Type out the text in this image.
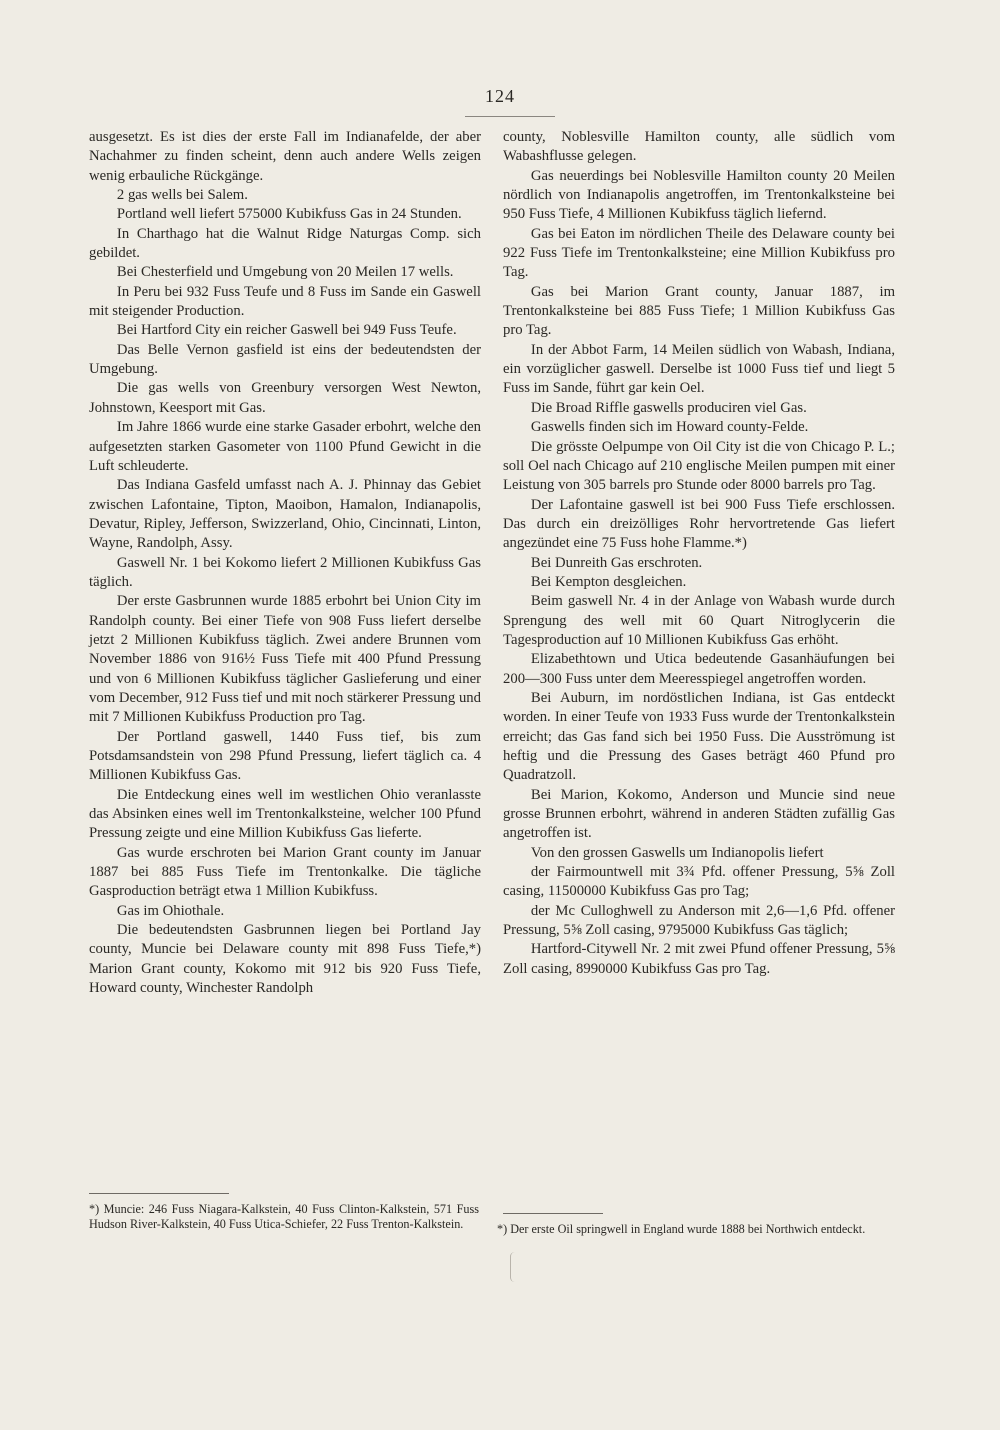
124

ausgesetzt. Es ist dies der erste Fall im Indianafelde, der aber Nachahmer zu finden scheint, denn auch andere Wells zeigen wenig erbauliche Rückgänge.

2 gas wells bei Salem.

Portland well liefert 575000 Kubikfuss Gas in 24 Stunden.

In Charthago hat die Walnut Ridge Naturgas Comp. sich gebildet.

Bei Chesterfield und Umgebung von 20 Meilen 17 wells.

In Peru bei 932 Fuss Teufe und 8 Fuss im Sande ein Gaswell mit steigender Production.

Bei Hartford City ein reicher Gaswell bei 949 Fuss Teufe.

Das Belle Vernon gasfield ist eins der bedeutendsten der Umgebung.

Die gas wells von Greenbury versorgen West Newton, Johnstown, Keesport mit Gas.

Im Jahre 1866 wurde eine starke Gasader erbohrt, welche den aufgesetzten starken Gasometer von 1100 Pfund Gewicht in die Luft schleuderte.

Das Indiana Gasfeld umfasst nach A. J. Phinnay das Gebiet zwischen Lafontaine, Tipton, Maoibon, Hamalon, Indianapolis, Devatur, Ripley, Jefferson, Swizzerland, Ohio, Cincinnati, Linton, Wayne, Randolph, Assy.

Gaswell Nr. 1 bei Kokomo liefert 2 Millionen Kubikfuss Gas täglich.

Der erste Gasbrunnen wurde 1885 erbohrt bei Union City im Randolph county. Bei einer Tiefe von 908 Fuss liefert derselbe jetzt 2 Millionen Kubikfuss täglich. Zwei andere Brunnen vom November 1886 von 916½ Fuss Tiefe mit 400 Pfund Pressung und von 6 Millionen Kubikfuss täglicher Gaslieferung und einer vom December, 912 Fuss tief und mit noch stärkerer Pressung und mit 7 Millionen Kubikfuss Production pro Tag.

Der Portland gaswell, 1440 Fuss tief, bis zum Potsdamsandstein von 298 Pfund Pressung, liefert täglich ca. 4 Millionen Kubikfuss Gas.

Die Entdeckung eines well im westlichen Ohio veranlasste das Absinken eines well im Trentonkalksteine, welcher 100 Pfund Pressung zeigte und eine Million Kubikfuss Gas lieferte.

Gas wurde erschroten bei Marion Grant county im Januar 1887 bei 885 Fuss Tiefe im Trentonkalke. Die tägliche Gasproduction beträgt etwa 1 Million Kubikfuss.

Gas im Ohiothale.

Die bedeutendsten Gasbrunnen liegen bei Portland Jay county, Muncie bei Delaware county mit 898 Fuss Tiefe,*) Marion Grant county, Kokomo mit 912 bis 920 Fuss Tiefe, Howard county, Winchester Randolph

county, Noblesville Hamilton county, alle südlich vom Wabashflusse gelegen.

Gas neuerdings bei Noblesville Hamilton county 20 Meilen nördlich von Indianapolis angetroffen, im Trentonkalksteine bei 950 Fuss Tiefe, 4 Millionen Kubikfuss täglich liefernd.

Gas bei Eaton im nördlichen Theile des Delaware county bei 922 Fuss Tiefe im Trentonkalksteine; eine Million Kubikfuss pro Tag.

Gas bei Marion Grant county, Januar 1887, im Trentonkalksteine bei 885 Fuss Tiefe; 1 Million Kubikfuss Gas pro Tag.

In der Abbot Farm, 14 Meilen südlich von Wabash, Indiana, ein vorzüglicher gaswell. Derselbe ist 1000 Fuss tief und liegt 5 Fuss im Sande, führt gar kein Oel.

Die Broad Riffle gaswells produciren viel Gas.

Gaswells finden sich im Howard county-Felde.

Die grösste Oelpumpe von Oil City ist die von Chicago P. L.; soll Oel nach Chicago auf 210 englische Meilen pumpen mit einer Leistung von 305 barrels pro Stunde oder 8000 barrels pro Tag.

Der Lafontaine gaswell ist bei 900 Fuss Tiefe erschlossen. Das durch ein dreizölliges Rohr hervortretende Gas liefert angezündet eine 75 Fuss hohe Flamme.*)

Bei Dunreith Gas erschroten.

Bei Kempton desgleichen.

Beim gaswell Nr. 4 in der Anlage von Wabash wurde durch Sprengung des well mit 60 Quart Nitroglycerin die Tagesproduction auf 10 Millionen Kubikfuss Gas erhöht.

Elizabethtown und Utica bedeutende Gasanhäufungen bei 200—300 Fuss unter dem Meeresspiegel angetroffen worden.

Bei Auburn, im nordöstlichen Indiana, ist Gas entdeckt worden. In einer Teufe von 1933 Fuss wurde der Trentonkalkstein erreicht; das Gas fand sich bei 1950 Fuss. Die Ausströmung ist heftig und die Pressung des Gases beträgt 460 Pfund pro Quadratzoll.

Bei Marion, Kokomo, Anderson und Muncie sind neue grosse Brunnen erbohrt, während in anderen Städten zufällig Gas angetroffen ist.

Von den grossen Gaswells um Indianopolis liefert

der Fairmountwell mit 3¾ Pfd. offener Pressung, 5⅝ Zoll casing, 11500000 Kubikfuss Gas pro Tag;

der Mc Culloghwell zu Anderson mit 2,6—1,6 Pfd. offener Pressung, 5⅝ Zoll casing, 9795000 Kubikfuss Gas täglich;

Hartford-Citywell Nr. 2 mit zwei Pfund offener Pressung, 5⅝ Zoll casing, 8990000 Kubikfuss Gas pro Tag.

*) Muncie: 246 Fuss Niagara-Kalkstein, 40 Fuss Clinton-Kalkstein, 571 Fuss Hudson River-Kalkstein, 40 Fuss Utica-Schiefer, 22 Fuss Trenton-Kalkstein.	*) Der erste Oil springwell in England wurde 1888 bei Northwich entdeckt.
